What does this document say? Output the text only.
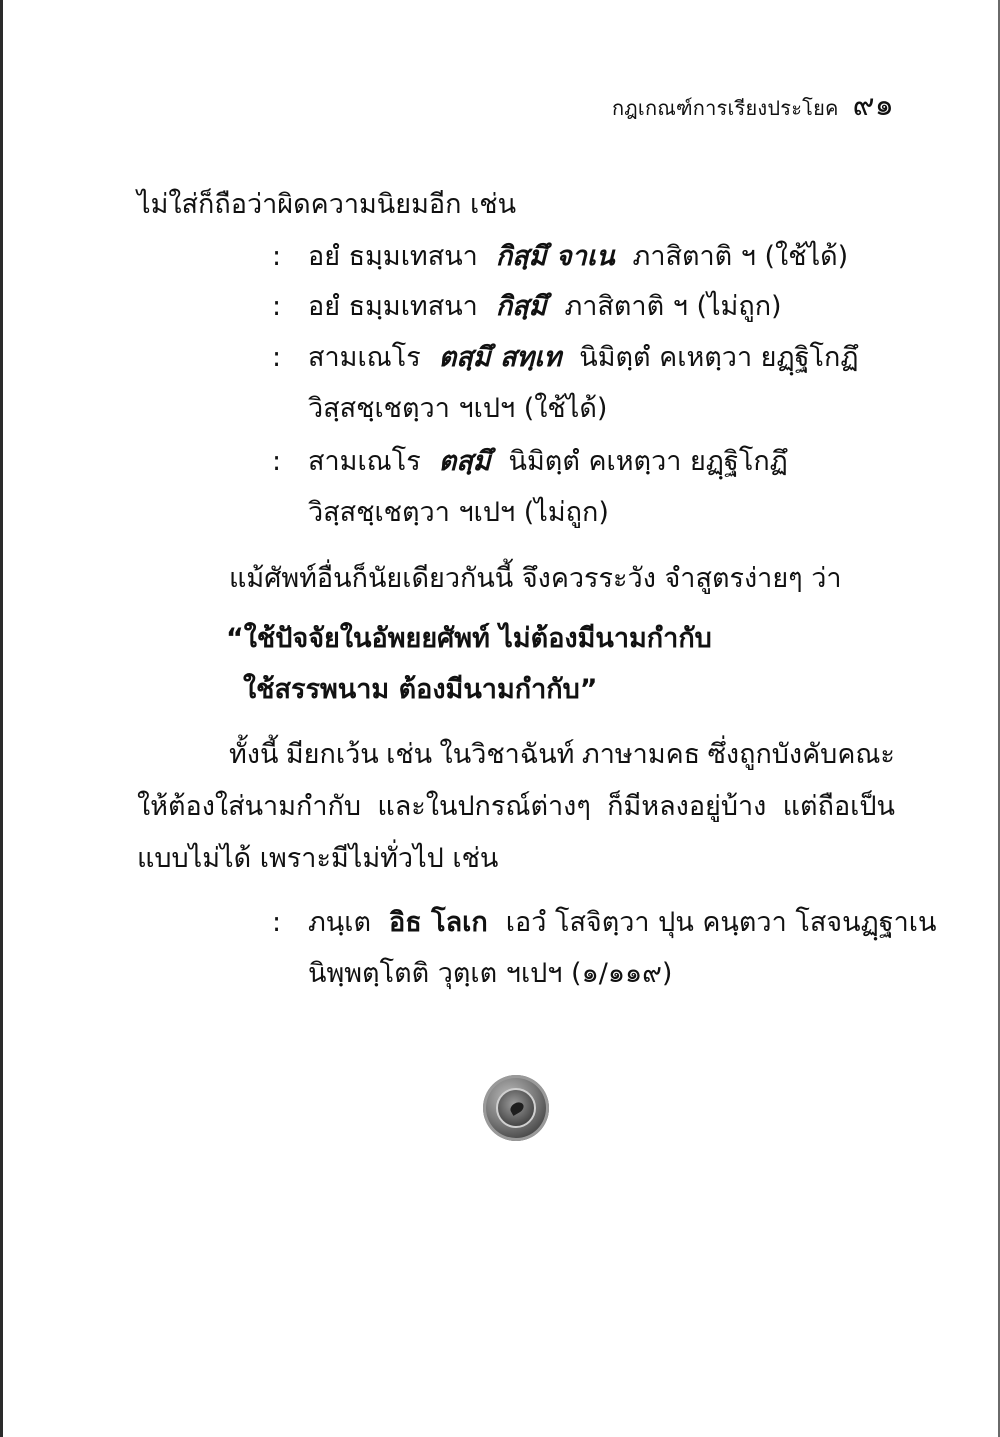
กฎเกณฑ์การเรียงประโยค ๙๑
ไม่ใส่ก็ถือว่าผิดความนิยมอีก เช่น
: อยํ ธมฺมเทสนา กิสฺมึ จาเน ภาสิตาติ ฯ (ใช้ได้)
: อยํ ธมฺมเทสนา กิสฺมึ ภาสิตาติ ฯ (ไม่ถูก)
: สามเณโร ตสฺมึ สทฺเท นิมิตฺตํ คเหตฺวา ยฏฺฐิโกฏึ
วิสฺสชฺเชตฺวา ฯเปฯ (ใช้ได้)
: สามเณโร ตสฺมึ นิมิตฺตํ คเหตฺวา ยฏฺฐิโกฏึ
วิสฺสชฺเชตฺวา ฯเปฯ (ไม่ถูก)
แม้ศัพท์อื่นก็นัยเดียวกันนี้ จึงควรระวัง จำสูตรง่ายๆ ว่า
“ใช้ปัจจัยในอัพยยศัพท์ ไม่ต้องมีนามกำกับ
ใช้สรรพนาม ต้องมีนามกำกับ”
ทั้งนี้ มียกเว้น เช่น ในวิชาฉันท์ ภาษามคธ ซึ่งถูกบังคับคณะ
ให้ต้องใส่นามกำกับ และในปกรณ์ต่างๆ ก็มีหลงอยู่บ้าง แต่ถือเป็น
แบบไม่ได้ เพราะมีไม่ทั่วไป เช่น
: ภนฺเต อิธ โลเก เอวํ โสจิตฺวา ปุน คนฺตวา โสจนฏฺฐาเน
นิพฺพตฺโตติ วุตฺเต ฯเปฯ (๑/๑๑๙)
